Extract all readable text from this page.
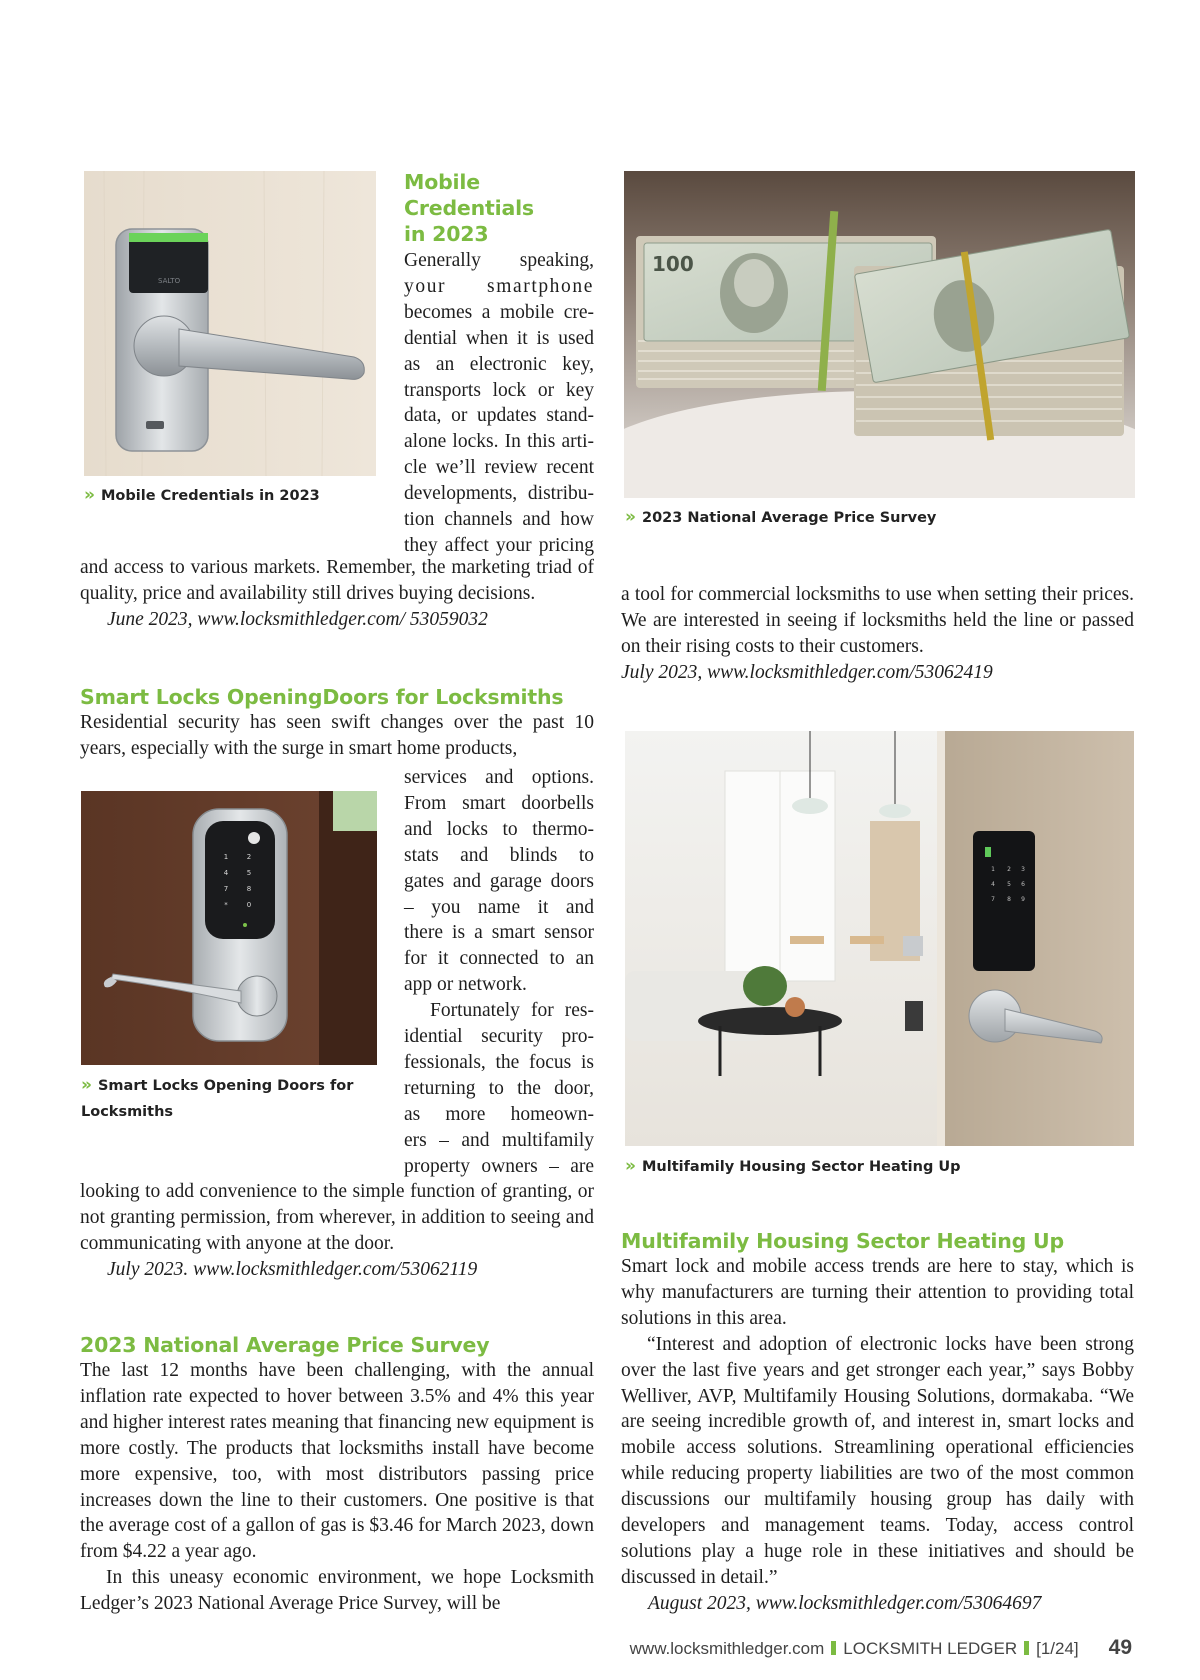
SALTO
» Mobile Credentials in 2023

Mobile
Credentials
in 2023

Generally speaking,

your smartphone

becomes a mobile cre-

dential when it is used

as an electronic key,

transports lock or key

data, or updates stand-

alone locks. In this arti-

cle we’ll review recent

developments, distribu-

tion channels and how

they affect your pricing

and access to various markets. Remember, the marketing triad of quality, price and availability still drives buying decisions.

June 2023, www.locksmithledger.com/ 53059032

Smart Locks OpeningDoors for Locksmiths

Residential security has seen swift changes over the past 10 years, especially with the surge in smart home products,

1	2
4	5
7	8
*	0
» Smart Locks Opening Doors for
Locksmiths

services and options.

From smart doorbells

and locks to thermo-

stats and blinds to

gates and garage doors

– you name it and

there is a smart sensor

for it connected to an

app or network.

Fortunately for res-

idential security pro-

fessionals, the focus is

returning to the door,

as more homeown-

ers – and multifamily

property owners – are

looking to add convenience to the simple function of granting, or not granting permission, from wherever, in addition to seeing and communicating with anyone at the door.

July 2023. www.locksmithledger.com/53062119

2023 National Average Price Survey

The last 12 months have been challenging, with the annual inflation rate expected to hover between 3.5% and 4% this year and higher interest rates meaning that financing new equipment is more costly. The products that locksmiths install have become more expensive, too, with most distributors passing price increases down the line to their customers. One positive is that the average cost of a gallon of gas is $3.46 for March 2023, down from $4.22 a year ago.

In this uneasy economic environment, we hope Locksmith Ledger’s 2023 National Average Price Survey, will be

100
» 2023 National Average Price Survey

a tool for commercial locksmiths to use when setting their prices. We are interested in seeing if locksmiths held the line or passed on their rising costs to their customers.

July 2023, www.locksmithledger.com/53062419

1 2 3
4 5 6
7 8 9
» Multifamily Housing Sector Heating Up

Multifamily Housing Sector Heating Up

Smart lock and mobile access trends are here to stay, which is why manufacturers are turning their attention to providing total solutions in this area.

“Interest and adoption of electronic locks have been strong over the last five years and get stronger each year,” says Bobby Welliver, AVP, Multifamily Housing Solutions, dormakaba. “We are seeing incredible growth of, and interest in, smart locks and mobile access solutions. Streamlining operational efficiencies while reducing property liabilities are two of the most common discussions our multifamily housing group has daily with developers and management teams. Today, access control solutions play a huge role in these initiatives and should be discussed in detail.”

August 2023, www.locksmithledger.com/53064697

www.locksmithledger.com LOCKSMITH LEDGER [1/24] 49
